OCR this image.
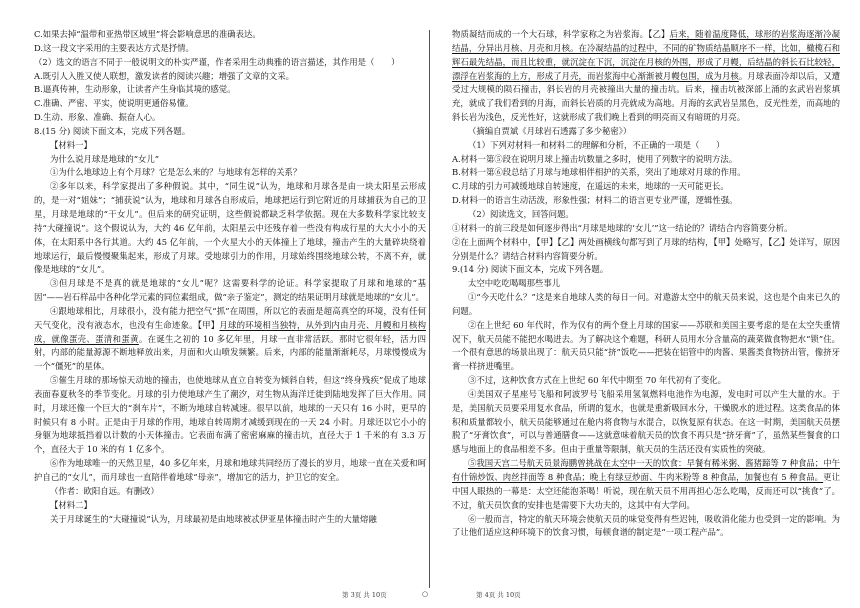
C.如果去掉“温带和亚热带区域里”将会影响意思的准确表达。

D.这一段文字采用的主要表达方式是抒情。

（2）选文的语言不同于一般说明文的朴实严谨，作者采用生动典雅的语言描述，其作用是（　　）

A.既引人入胜又使人联想，激发读者的阅读兴趣；增强了文章的文采。

B.逼真传神，生动形象，让读者产生身临其境的感觉。

C.准确、严密、平实，使说明更通俗易懂。

D.生动、形象、准确、振奋人心。

8.(15 分) 阅读下面文本，完成下列各题。

【材料一】

为什么说月球是地球的“女儿”

①为什么地球边上有个月球？它是怎么来的？与地球有怎样的关系？

②多年以来，科学家提出了多种假说。其中，“同生说”认为，地球和月球各是由一块太阳星云形成的，是一对“姐妹”；“捕获说”认为，地球和月球各自形成后，地球把运行到它附近的月球捕获为自己的卫星，月球是地球的“干女儿”。但后来的研究证明，这些假说都缺乏科学依据。现在大多数科学家比较支持“大碰撞说”。这个假说认为，大约 46 亿年前，太阳星云中还残存着一些没有构成行星的大大小小的天体，在太阳系中各行其道。大约 45 亿年前，一个火星大小的天体撞上了地球，撞击产生的大量碎块绕着地球运行，最后慢慢聚集起来，形成了月球。受地球引力的作用，月球始终围绕地球公转，不离不弃，就像是地球的“女儿”。

③但月球是不是真的就是地球的“女儿”呢？这需要科学的论证。科学家提取了月球和地球的“基因”——岩石样品中各种化学元素的同位素组成，做“亲子鉴定”，测定的结果证明月球就是地球的“女儿”。

④跟地球相比，月球很小，没有能力把空气“抓”在周围，所以它的表面是超高真空的环境，没有任何天气变化，没有液态水，也没有生命迹象。【甲】月球的环境相当独特，从外到内由月壳、月幔和月核构成，就像蛋壳、蛋清和蛋黄。在诞生之初的 10 多亿年里，月球一直非常活跃。那时它很年轻，活力四射，内部的能量源源不断地释放出来，月面和火山喷发频繁。后来，内部的能量渐渐耗尽，月球慢慢成为一个“僵死”的星体。

⑤催生月球的那场惊天动地的撞击，也使地球从直立自转变为倾斜自转，但这“终身残疾”促成了地球表面春夏秋冬的季节变化。月球的引力使地球产生了潮汐，对生物从海洋迁徙到陆地发挥了巨大作用。同时，月球还像一个巨大的“刹车片”，不断为地球自转减速。很早以前，地球的一天只有 16 小时，更早的时候只有 8 小时。正是由于月球的作用，地球自转周期才减缓到现在的一天 24 小时。月球还以它小小的身躯为地球抵挡着以计数的小天体撞击。它表面布满了密密麻麻的撞击坑，直径大于 1 千米的有 3.3 万个，直径大于 10 米的有 1 亿多个。

⑥作为地球唯一的天然卫星，40 多亿年来，月球和地球共同经历了漫长的岁月，地球一直在关爱和呵护自己的“女儿”，而月球也一直陪伴着地球“母亲”，增加它的活力，护卫它的安全。

（作者：欧阳自远。有删改）

【材料二】

关于月球诞生的“大碰撞说”认为，月球最初是由地球被忒伊亚星体撞击时产生的大量熔融

物质凝结而成的一个大石球，科学家称之为岩浆海。【乙】后来，随着温度降低，球形的岩浆海逐渐冷凝结晶，分异出月核、月壳和月核。在冷凝结晶的过程中，不同的矿物质结晶顺序不一样，比如，橄榄石和辉石最先结晶，而且比较重，就沉淀在下沉，沉淀在月核的外围，形成了月幔，后结晶的斜长石比较轻，漂浮在岩浆海的上方，形成了月壳，而岩浆海中心渐渐被月幔包围，成为月核。月球表面冷却以后，又遭受过大规模的陨石撞击，斜长岩的月壳被撞出大量的撞击坑。后来，撞击坑被深部上涌的玄武岩岩浆填充，就成了我们看到的月海，而斜长岩质的月壳就成为高地。月海的玄武岩呈黑色，反光性差，而高地的斜长岩为浅色，反光性好，这就形成了我们晚上看到的明亮而又有暗斑的月亮。

（摘编自贾斌《月球岩石透露了多少秘密》）

（1）下列对材料一和材料二的理解和分析，不正确的一项是（　　）

A.材料一第⑤段在说明月球上撞击坑数量之多时，使用了列数字的说明方法。

B.材料一第⑥段总结了月球与地球相伴相护的关系，突出了地球对月球的作用。

C.月球的引力可减缓地球自转速度，在遥远的未来，地球的一天可能更长。

D.材料一的语言生动活泼，形象性强；材料二的语言更专业严谨，逻辑性强。

（2）阅读选文，回答问题。

①材料一的前三段是如何逐步得出“月球是地球的‘女儿’”这一结论的？请结合内容简要分析。

②在上面两个材料中，【甲】【乙】两处画横线句都写到了月球的结构，【甲】处略写，【乙】处详写，原因分别是什么？请结合材料内容简要分析。

9.(14 分) 阅读下面文本，完成下列各题。

太空中吃吃喝喝那些事儿

①“今天吃什么？”这是来自地球人类的每日一问。对遨游太空中的航天员来说，这也是个由来已久的问题。

②在上世纪 60 年代时，作为仅有的两个登上月球的国家——苏联和美国主要考虑的是在太空失重情况下，航天员能不能把水喝进去。为了解决这个难题，科研人员用水分含量高的蔬菜做食物把水“锁”住。一个很有意思的场景出现了：航天员只能“挤”饭吃——把装在铝管中的肉酱、果酱类食物挤出管，像挤牙膏一样挤进嘴里。

③不过，这种饮食方式在上世纪 60 年代中期至 70 年代初有了变化。

④美国双子星座号飞船和阿波罗号飞船采用氢氧燃料电池作为电源，发电时可以产生大量的水。于是，美国航天员要采用复水食品，所谓的复水，也就是重新吸回水分，干燥脱水的进过程。这类食品的体积和质量都较小，航天员能够通过在舱内将食物与水混合，以恢复原有状态。在这一时期，美国航天员摆脱了“牙膏饮食”，可以与普通膳食——这就意味着航天员的饮食不再只是“挤牙膏”了，虽然某些餐食的口感与地面上的食品相差不多。但由于重量等限制，航天员的生活还没有实质性的突破。

⑤我国天宫二号航天员景海鹏曾挑战在太空中一天的饮食：早餐有稀米粥、酱猪蹄等 7 种食品；中午有什锦炒饭、肉丝拌面等 8 种食品；晚上有绿豆炒面、牛肉米粉等 8 种食品，加餐也有 5 种食品。更让中国人眼热的一幕是：太空还能泡茶喝！听说，现在航天员不用再担心怎么吃喝，反而还可以“挑食”了。不过，航天员饮食的安排也是需要下大功夫的，这其中有大学问。

⑥一般而言，特定的航天环境会使航天员的味觉变得有些迟钝，吸收消化能力也受到一定的影响。为了让他们适应这种环境下的饮食习惯，每顿食谱的制定是“一项工程产品”。

第 3页 共 10页	○	第 4页 共 10页
